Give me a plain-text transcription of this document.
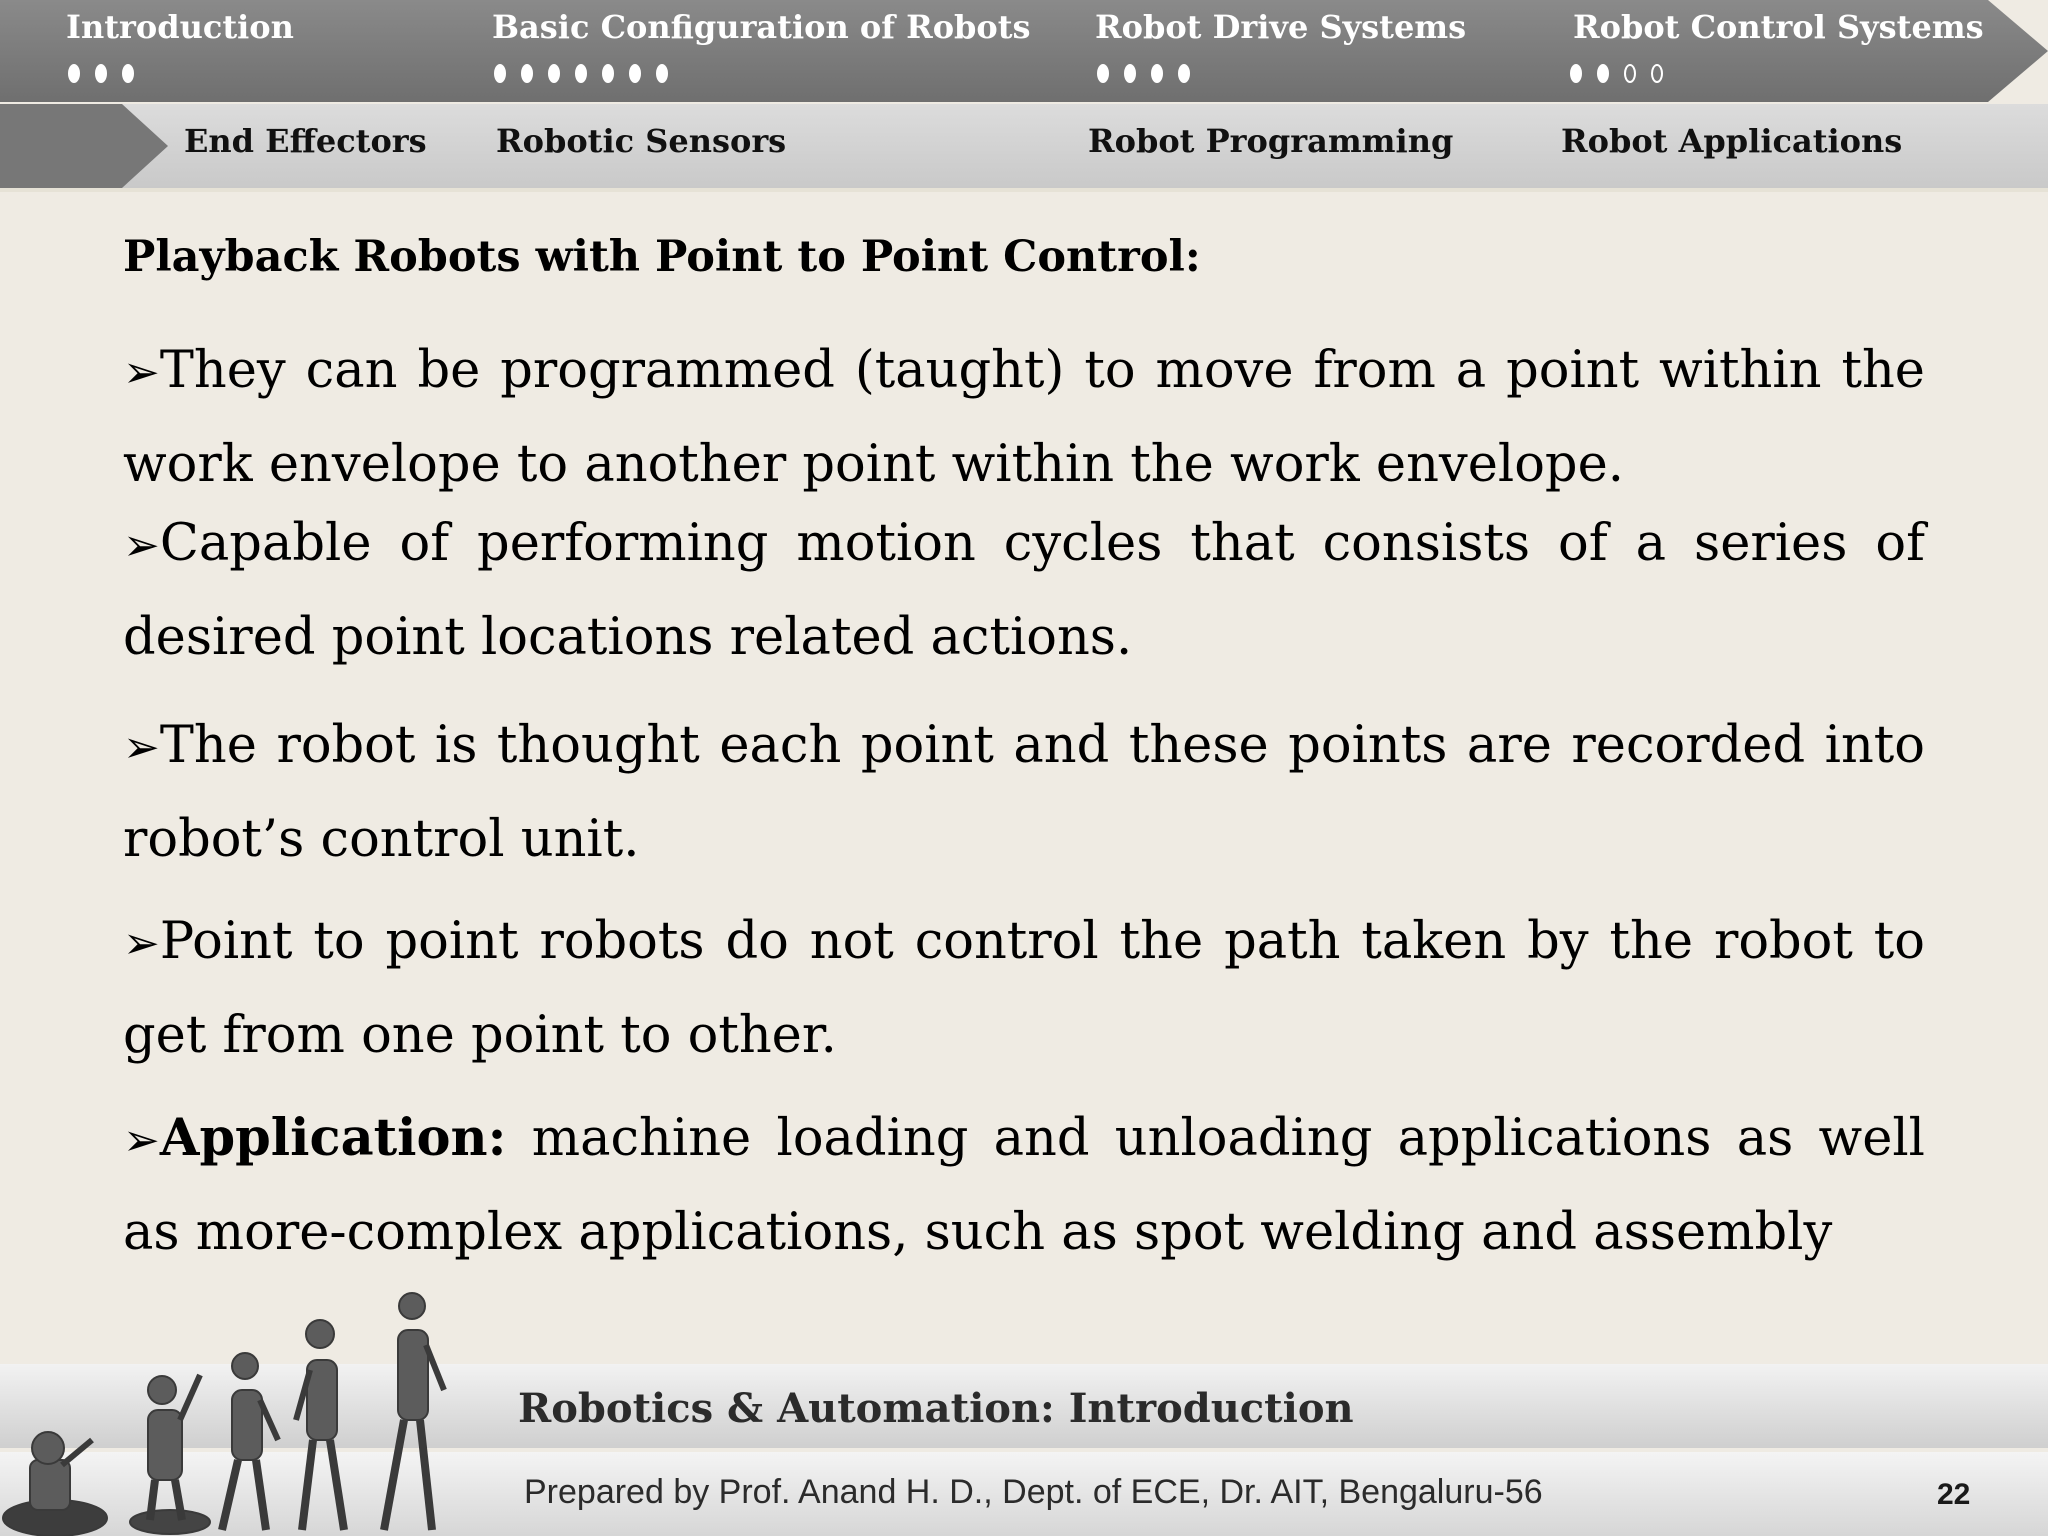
Introduction	Basic Configuration of Robots Robot Drive Systems	Robot Control Systems
End Effectors Robotic Sensors	Robot Programming	Robot Applications
Playback Robots with Point to Point Control:
➢They can be programmed (taught) to move from a point within the work envelope to another point within the work envelope.
➢Capable of performing motion cycles that consists of a series of desired point locations related actions.
➢The robot is thought each point and these points are recorded into robot’s control unit.
➢Point to point robots do not control the path taken by the robot to get from one point to other.
➢Application: machine loading and unloading applications as well as more-complex applications, such as spot welding and assembly
Robotics & Automation: Introduction
Prepared by Prof. Anand H. D., Dept. of ECE, Dr. AIT, Bengaluru-56	22
